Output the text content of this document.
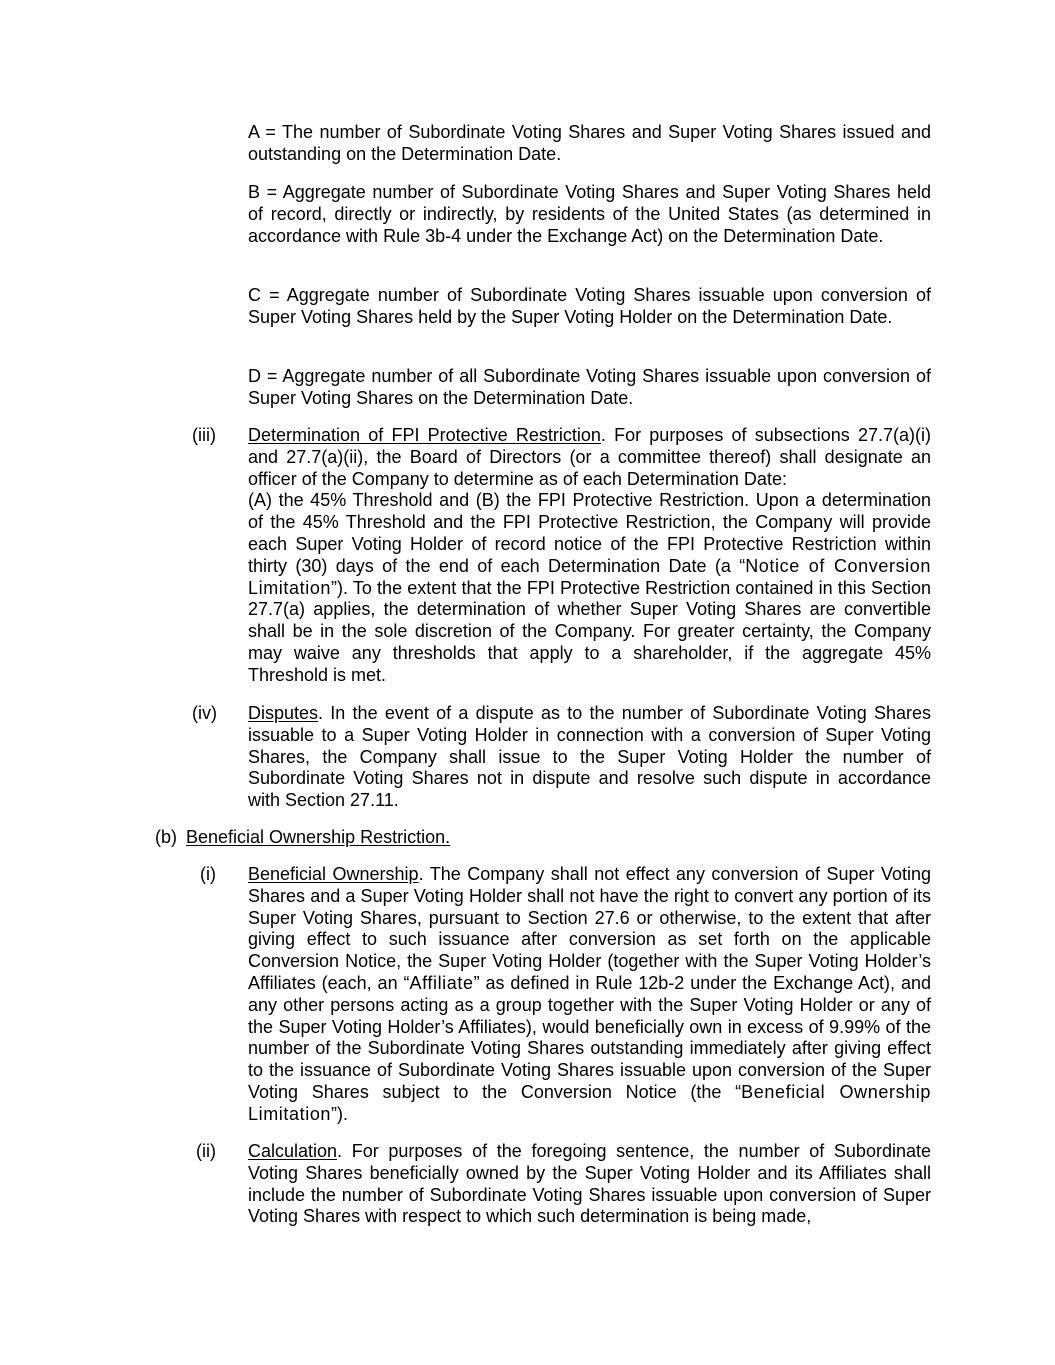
A = The number of Subordinate Voting Shares and Super Voting Shares issued and outstanding on the Determination Date.

B = Aggregate number of Subordinate Voting Shares and Super Voting Shares held of record, directly or indirectly, by residents of the United States (as determined in accordance with Rule 3b-4 under the Exchange Act) on the Determination Date.

C = Aggregate number of Subordinate Voting Shares issuable upon conversion of Super Voting Shares held by the Super Voting Holder on the Determination Date.

D = Aggregate number of all Subordinate Voting Shares issuable upon conversion of Super Voting Shares on the Determination Date.

(iii) Determination of FPI Protective Restriction. For purposes of subsections 27.7(a)(i) and 27.7(a)(ii), the Board of Directors (or a committee thereof) shall designate an officer of the Company to determine as of each Determination Date:
(A) the 45% Threshold and (B) the FPI Protective Restriction. Upon a determination of the 45% Threshold and the FPI Protective Restriction, the Company will provide each Super Voting Holder of record notice of the FPI Protective Restriction within thirty (30) days of the end of each Determination Date (a “Notice of Conversion Limitation”). To the extent that the FPI Protective Restriction contained in this Section 27.7(a) applies, the determination of whether Super Voting Shares are convertible shall be in the sole discretion of the Company. For greater certainty, the Company may waive any thresholds that apply to a shareholder, if the aggregate 45% Threshold is met.

(iv) Disputes. In the event of a dispute as to the number of Subordinate Voting Shares issuable to a Super Voting Holder in connection with a conversion of Super Voting Shares, the Company shall issue to the Super Voting Holder the number of Subordinate Voting Shares not in dispute and resolve such dispute in accordance with Section 27.11.

(b) Beneficial Ownership Restriction.
(i) Beneficial Ownership. The Company shall not effect any conversion of Super Voting Shares and a Super Voting Holder shall not have the right to convert any portion of its Super Voting Shares, pursuant to Section 27.6 or otherwise, to the extent that after giving effect to such issuance after conversion as set forth on the applicable Conversion Notice, the Super Voting Holder (together with the Super Voting Holder’s Affiliates (each, an “Affiliate” as defined in Rule 12b-2 under the Exchange Act), and any other persons acting as a group together with the Super Voting Holder or any of the Super Voting Holder’s Affiliates), would beneficially own in excess of 9.99% of the number of the Subordinate Voting Shares outstanding immediately after giving effect to the issuance of Subordinate Voting Shares issuable upon conversion of the Super Voting Shares subject to the Conversion Notice (the “Beneficial Ownership Limitation”).

(ii) Calculation. For purposes of the foregoing sentence, the number of Subordinate Voting Shares beneficially owned by the Super Voting Holder and its Affiliates shall include the number of Subordinate Voting Shares issuable upon conversion of Super Voting Shares with respect to which such determination is being made,
